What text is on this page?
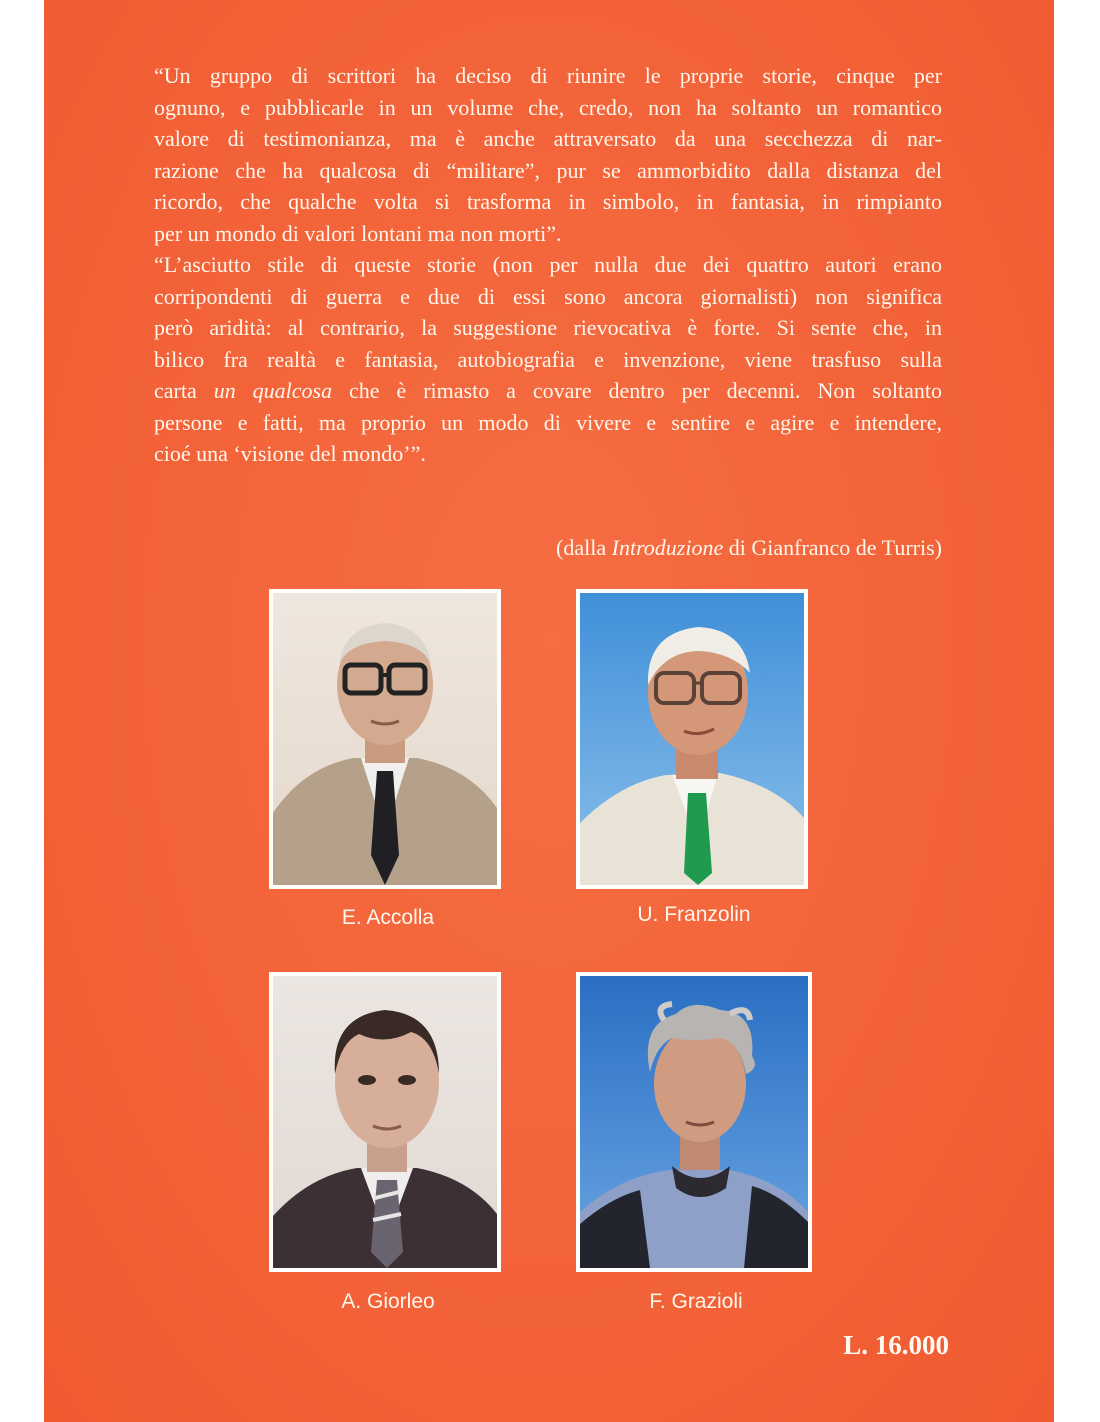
“Un gruppo di scrittori ha deciso di riunire le proprie storie, cinque per
ognuno, e pubblicarle in un volume che, credo, non ha soltanto un romantico
valore di testimonianza, ma è anche attraversato da una secchezza di nar-
razione che ha qualcosa di “militare”, pur se ammorbidito dalla distanza del
ricordo, che qualche volta si trasforma in simbolo, in fantasia, in rimpianto
per un mondo di valori lontani ma non morti”.

“L’asciutto stile di queste storie (non per nulla due dei quattro autori erano
corripondenti di guerra e due di essi sono ancora giornalisti) non significa
però aridità: al contrario, la suggestione rievocativa è forte. Si sente che, in
bilico fra realtà e fantasia, autobiografia e invenzione, viene trasfuso sulla
carta un qualcosa che è rimasto a covare dentro per decenni. Non soltanto
persone e fatti, ma proprio un modo di vivere e sentire e agire e intendere,
cioé una ‘visione del mondo’”.

(dalla Introduzione di Gianfranco de Turris)
E. Accolla	U. Franzolin
A. Giorleo	F. Grazioli
L. 16.000
